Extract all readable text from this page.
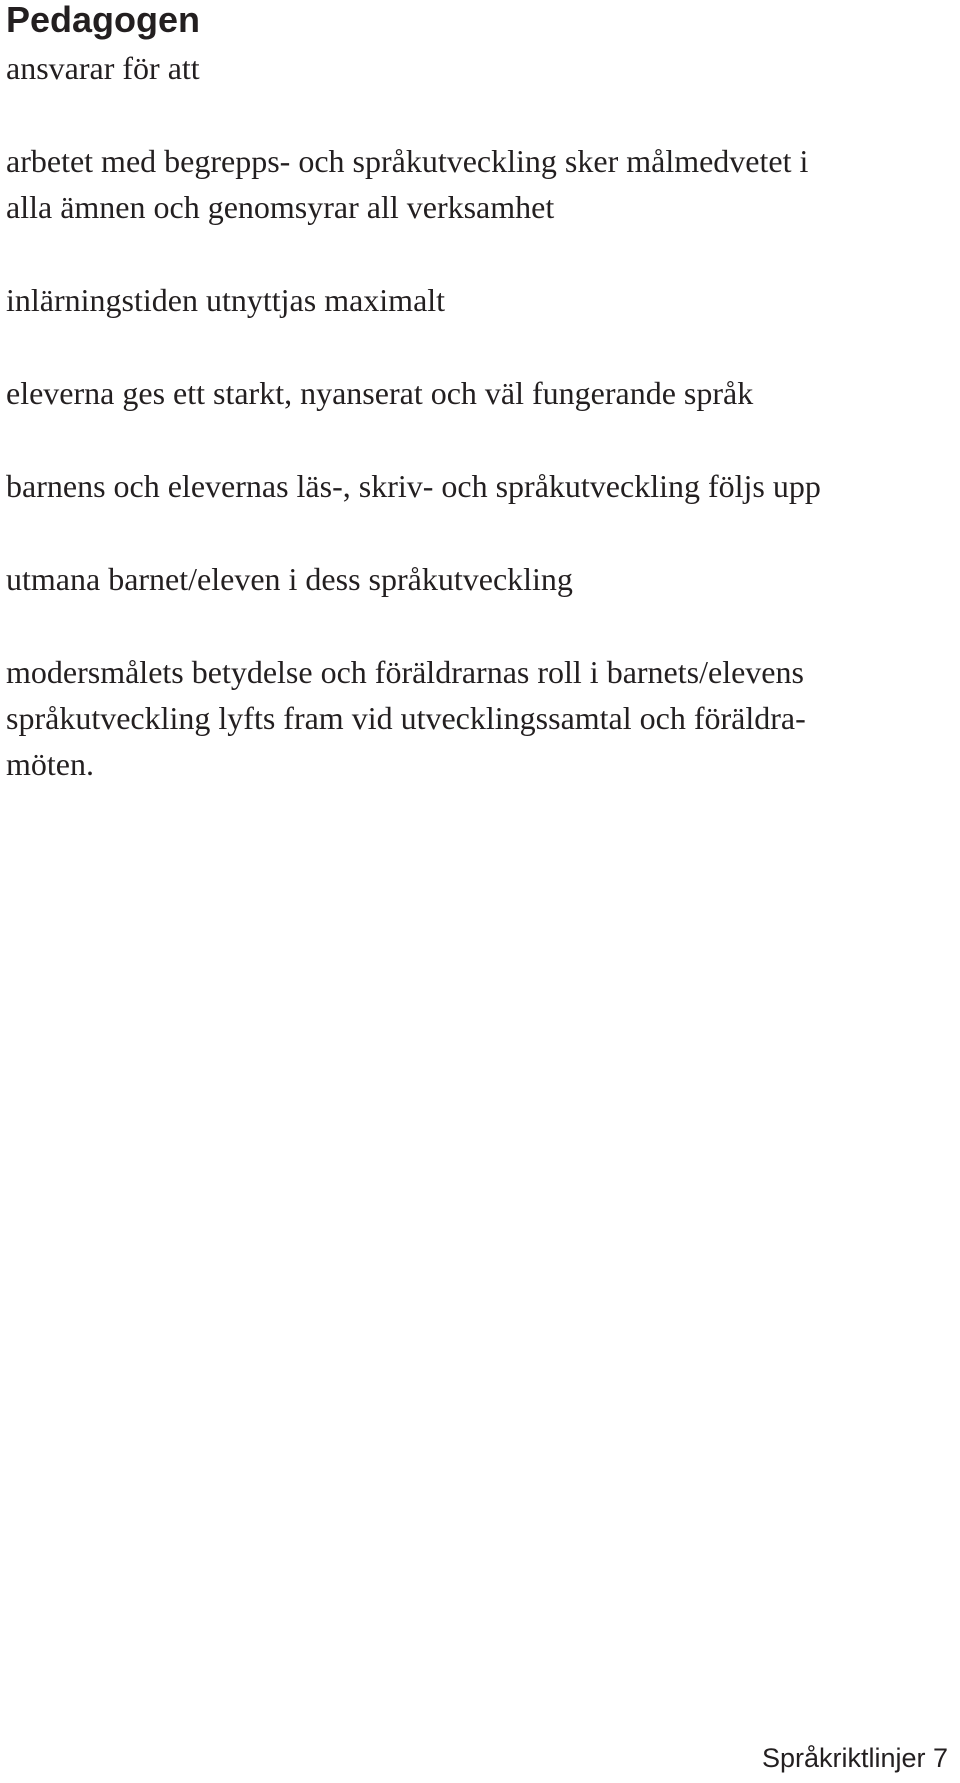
Pedagogen

ansvarar för att

arbetet med begrepps- och språkutveckling sker målmedvetet i
alla ämnen och genomsyrar all verksamhet
inlärningstiden utnyttjas maximalt
eleverna ges ett starkt, nyanserat och väl fungerande språk
barnens och elevernas läs-, skriv- och språkutveckling följs upp
utmana barnet/eleven i dess språkutveckling
modersmålets betydelse och föräldrarnas roll i barnets/elevens
språkutveckling lyfts fram vid utvecklingssamtal och föräldra-
möten.

Språkriktlinjer 7
